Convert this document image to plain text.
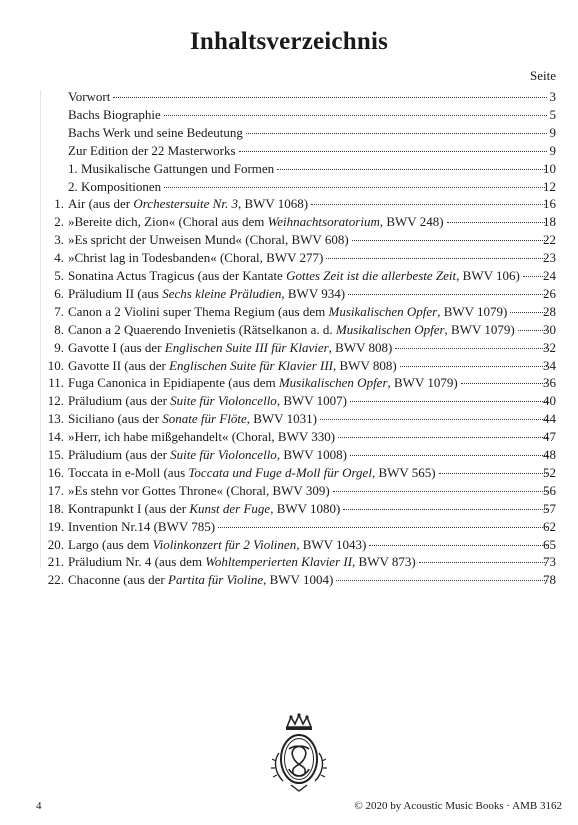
Inhaltsverzeichnis
Seite
Vorwort	3
Bachs Biographie	5
Bachs Werk und seine Bedeutung	9
Zur Edition der 22 Masterworks	9
1. Musikalische Gattungen und Formen	10
2. Kompositionen	12
1. Air (aus der Orchestersuite Nr. 3, BWV 1068)	16
2. »Bereite dich, Zion« (Choral aus dem Weihnachtsoratorium, BWV 248)	18
3. »Es spricht der Unweisen Mund« (Choral, BWV 608)	22
4. »Christ lag in Todesbanden« (Choral, BWV 277)	23
5. Sonatina Actus Tragicus (aus der Kantate Gottes Zeit ist die allerbeste Zeit, BWV 106)	24
6. Präludium II (aus Sechs kleine Präludien, BWV 934)	26
7. Canon a 2 Violini super Thema Regium (aus dem Musikalischen Opfer, BWV 1079)	28
8. Canon a 2 Quaerendo Invenietis (Rätselkanon a. d. Musikalischen Opfer, BWV 1079)	30
9. Gavotte I (aus der Englischen Suite III für Klavier, BWV 808)	32
10. Gavotte II (aus der Englischen Suite für Klavier III, BWV 808)	34
11. Fuga Canonica in Epidiapente (aus dem Musikalischen Opfer, BWV 1079)	36
12. Präludium (aus der Suite für Violoncello, BWV 1007)	40
13. Siciliano (aus der Sonate für Flöte, BWV 1031)	44
14. »Herr, ich habe mißgehandelt« (Choral, BWV 330)	47
15. Präludium (aus der Suite für Violoncello, BWV 1008)	48
16. Toccata in e-Moll (aus Toccata und Fuge d-Moll für Orgel, BWV 565)	52
17. »Es stehn vor Gottes Throne« (Choral, BWV 309)	56
18. Kontrapunkt I (aus der Kunst der Fuge, BWV 1080)	57
19. Invention Nr.14 (BWV 785)	62
20. Largo (aus dem Violinkonzert für 2 Violinen, BWV 1043)	65
21. Präludium Nr. 4 (aus dem Wohltemperierten Klavier II, BWV 873)	73
22. Chaconne (aus der Partita für Violine, BWV 1004)	78
4	© 2020 by Acoustic Music Books · AMB 3162
